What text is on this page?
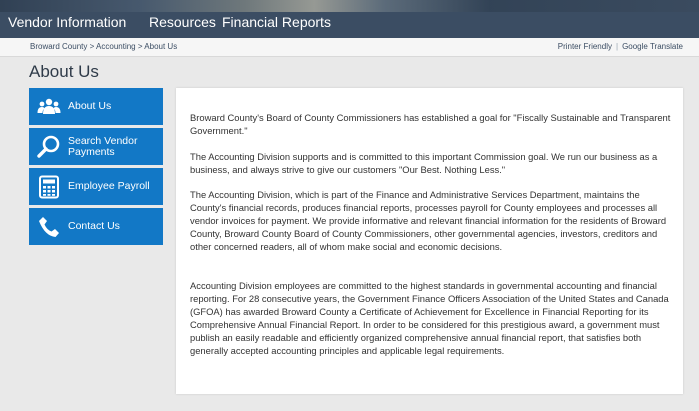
Vendor Information Resources Financial Reports
Broward County > Accounting > About Us	Printer Friendly | Google Translate
About Us
About Us
Search Vendor
Payments
Employee Payroll
Contact Us

Broward County's Board of County Commissioners has established a goal for "Fiscally Sustainable and Transparent Government."

The Accounting Division supports and is committed to this important Commission goal. We run our business as a business, and always strive to give our customers "Our Best. Nothing Less."

The Accounting Division, which is part of the Finance and Administrative Services Department, maintains the County's financial records, produces financial reports, processes payroll for County employees and processes all vendor invoices for payment. We provide informative and relevant financial information for the residents of Broward County, Broward County Board of County Commissioners, other governmental agencies, investors, creditors and other concerned readers, all of whom make social and economic decisions.

Accounting Division employees are committed to the highest standards in governmental accounting and financial reporting. For 28 consecutive years, the Government Finance Officers Association of the United States and Canada (GFOA) has awarded Broward County a Certificate of Achievement for Excellence in Financial Reporting for its Comprehensive Annual Financial Report. In order to be considered for this prestigious award, a government must publish an easily readable and efficiently organized comprehensive annual financial report, that satisfies both generally accepted accounting principles and applicable legal requirements.
